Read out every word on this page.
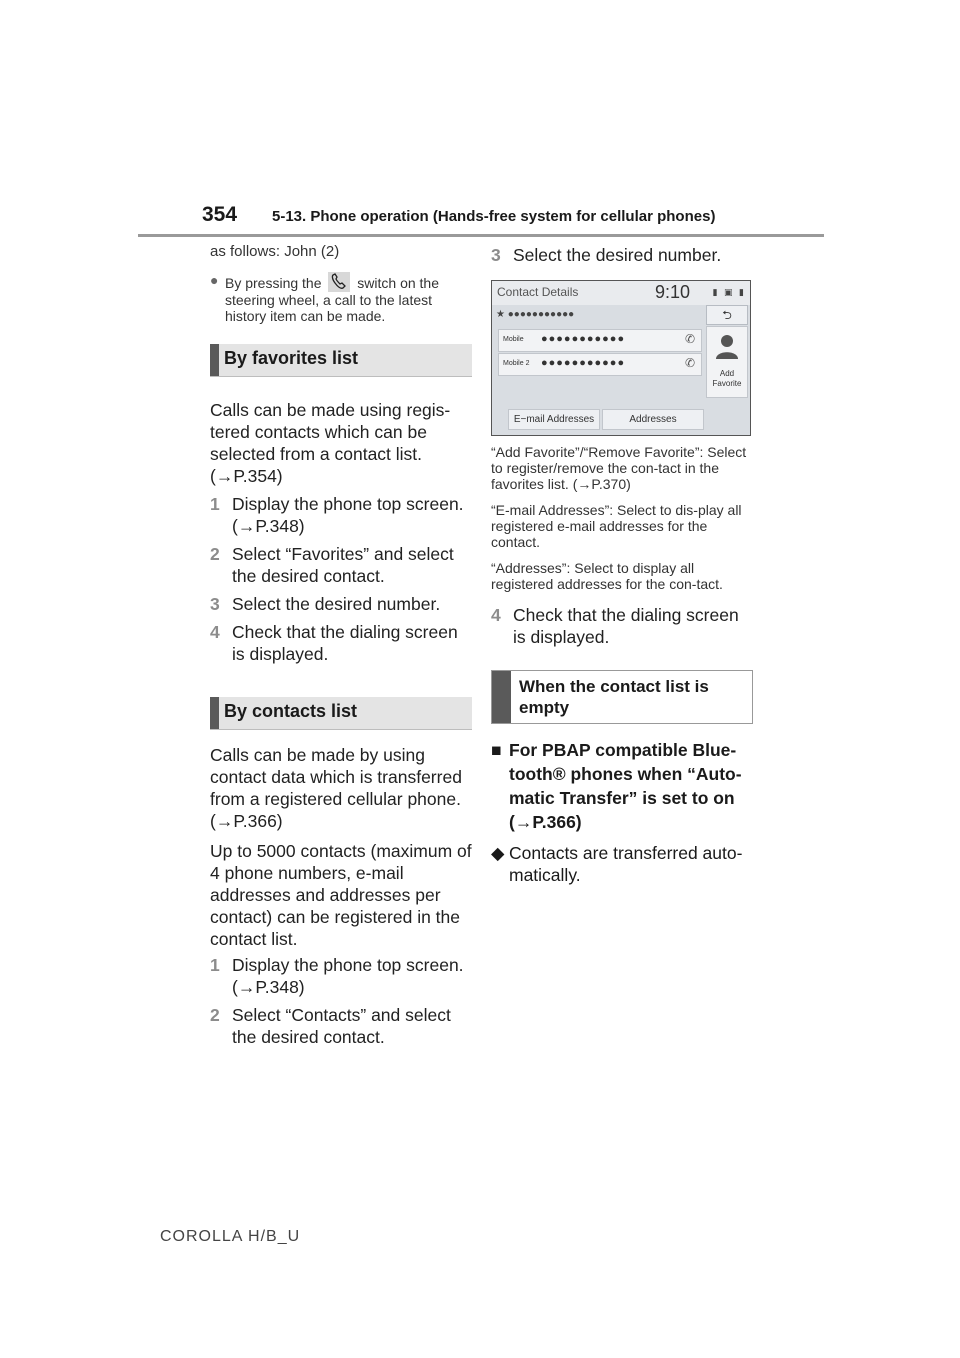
354 5-13. Phone operation (Hands-free system for cellular phones)
as follows: John (2)
● By pressing the	switch on the steering wheel, a call to the latest history item can be made.
By favorites list
Calls can be made using regis-tered contacts which can be selected from a contact list. (→P.354)
1 Display the phone top screen. (→P.348)
2 Select “Favorites” and select the desired contact.
3 Select the desired number.
4 Check that the dialing screen is displayed.
By contacts list
Calls can be made by using contact data which is transferred from a registered cellular phone. (→P.366)
Up to 5000 contacts (maximum of 4 phone numbers, e-mail addresses and addresses per contact) can be registered in the contact list.
1 Display the phone top screen. (→P.348)
2 Select “Contacts” and select the desired contact.
3 Select the desired number.
Contact Details	9:10	▮ ▣ ▮
★ ●●●●●●●●●●●	⮌
Mobile ●●●●●●●●●●●	✆
Mobile 2 ●●●●●●●●●●●	✆
Add Favorite
E−mail Addresses	Addresses
“Add Favorite”/“Remove Favorite”: Select to register/remove the con-tact in the favorites list. (→P.370)
“E-mail Addresses”: Select to dis-play all registered e-mail addresses for the contact.
“Addresses”: Select to display all registered addresses for the con-tact.
4 Check that the dialing screen is displayed.
When the contact list is empty
■ For PBAP compatible Blue-tooth® phones when “Auto-matic Transfer” is set to on (→P.366)
◆ Contacts are transferred auto-matically.
COROLLA H/B_U
